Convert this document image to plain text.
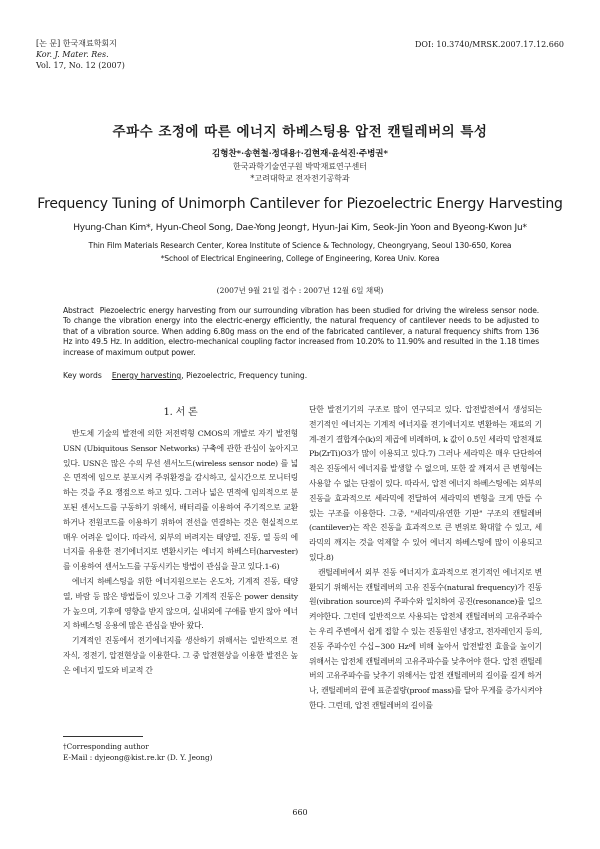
[논 문] 한국재료학회지
Kor. J. Mater. Res.
Vol. 17, No. 12 (2007)
DOI: 10.3740/MRSK.2007.17.12.660
주파수 조정에 따른 에너지 하베스팅용 압전 캔틸레버의 특성
김형찬*·송현철·정대용†·김현재·윤석진·주병권*
한국과학기술연구원 박막재료연구센터
*고려대학교 전자전기공학과
Frequency Tuning of Unimorph Cantilever for Piezoelectric Energy Harvesting
Hyung-Chan Kim*, Hyun-Cheol Song, Dae-Yong Jeong†, Hyun-Jai Kim, Seok-Jin Yoon and Byeong-Kwon Ju*
Thin Film Materials Research Center, Korea Institute of Science & Technology, Cheongryang, Seoul 130-650, Korea
*School of Electrical Engineering, College of Engineering, Korea Univ. Korea
(2007년 9월 21일 접수 : 2007년 12월 6일 채택)
Abstract Piezoelectric energy harvesting from our surrounding vibration has been studied for driving the wireless sensor node. To change the vibration energy into the electric-energy efficiently, the natural frequency of cantilever needs to be adjusted to that of a vibration source. When adding 6.80g mass on the end of the fabricated cantilever, a natural frequency shifts from 136 Hz into 49.5 Hz. In addition, electro-mechanical coupling factor increased from 10.20% to 11.90% and resulted in the 1.18 times increase of maximum output power.
Key words Energy harvesting, Piezoelectric, Frequency tuning.
1. 서 론

반도체 기술의 발전에 의한 저전력형 CMOS의 개발로 자기 발전형 USN (Ubiquitous Sensor Networks) 구축에 관한 관심이 높아지고 있다. USN은 많은 수의 무선 센서노드(wireless sensor node) 를 넓은 면적에 임으로 분포시켜 주위환경을 감시하고, 실시간으로 모니터링 하는 것을 주요 쟁점으로 하고 있다. 그러나 넓은 면적에 임의적으로 분포된 센서노드를 구동하기 위해서, 배터리를 이용하여 주기적으로 교환하거나 전원코드를 이용하기 위하여 전선을 연결하는 것은 현실적으로 매우 어려운 일이다. 따라서, 외부의 버려지는 태양열, 진동, 열 등의 에너지를 유용한 전기에너지로 변환시키는 에너지 하베스터(harvester)를 이용하여 센서노드를 구동시키는 방법이 관심을 끌고 있다.1-6)

에너지 하베스팅을 위한 에너지원으로는 온도차, 기계적 진동, 태양열, 바람 등 많은 방법들이 있으나 그중 기계적 진동은 power density가 높으며, 기후에 영향을 받지 않으며, 실내외에 구애를 받지 않아 에너지 하베스팅 응용에 많은 관심을 받아 왔다.

기계적인 진동에서 전기에너지를 생산하기 위해서는 일반적으로 전자식, 정전기, 압전현상을 이용한다. 그 중 압전현상을 이용한 발전은 높은 에너지 밀도와 비교적 간

단한 발전기기의 구조로 많이 연구되고 있다. 압전발전에서 생성되는 전기적인 에너지는 기계적 에너지를 전기에너지로 변환하는 재료의 기계-전기 결합계수(k)의 제곱에 비례하며, k 값이 0.5인 세라믹 압전재료 Pb(ZrTi)O3가 많이 이용되고 있다.7) 그러나 세라믹은 매우 단단하여 적은 진동에서 에너지를 발생할 수 없으며, 또한 잘 깨져서 큰 변형에는 사용할 수 없는 단점이 있다. 따라서, 압전 에너지 하베스팅에는 외부의 진동을 효과적으로 세라믹에 전달하여 세라믹의 변형을 크게 만들 수 있는 구조를 이용한다. 그중, "세라믹/유연한 기판" 구조의 캔틸레버(cantilever)는 작은 진동을 효과적으로 큰 변위로 확대할 수 있고, 세라믹의 깨지는 것을 억제할 수 있어 에너지 하베스팅에 많이 이용되고 있다.8)

캔틸레버에서 외부 진동 에너지가 효과적으로 전기적인 에너지로 변환되기 위해서는 캔틸레버의 고유 진동수(natural frequency)가 진동원(vibration source)의 주파수와 일치하여 공진(resonance)를 일으켜야한다. 그런데 일반적으로 사용되는 압전체 캔틸레버의 고유주파수는 우리 주변에서 쉽게 접할 수 있는 진동원인 냉장고, 전자레인지 등의, 진동 주파수인 수십~300 Hz에 비해 높아서 압전발전 효율을 높이기 위해서는 압전체 캔틸레버의 고유주파수를 낮추어야 한다. 압전 캔틸레버의 고유주파수를 낮추기 위해서는 압전 캔틸레버의 길이를 길게 하거나, 캔틸레버의 끝에 표준질량(proof mass)를 달아 무게를 증가시켜야 한다. 그런데, 압전 캔틸레버의 길이를

†Corresponding author
E-Mail : dyjeong@kist.re.kr (D. Y. Jeong)
660
